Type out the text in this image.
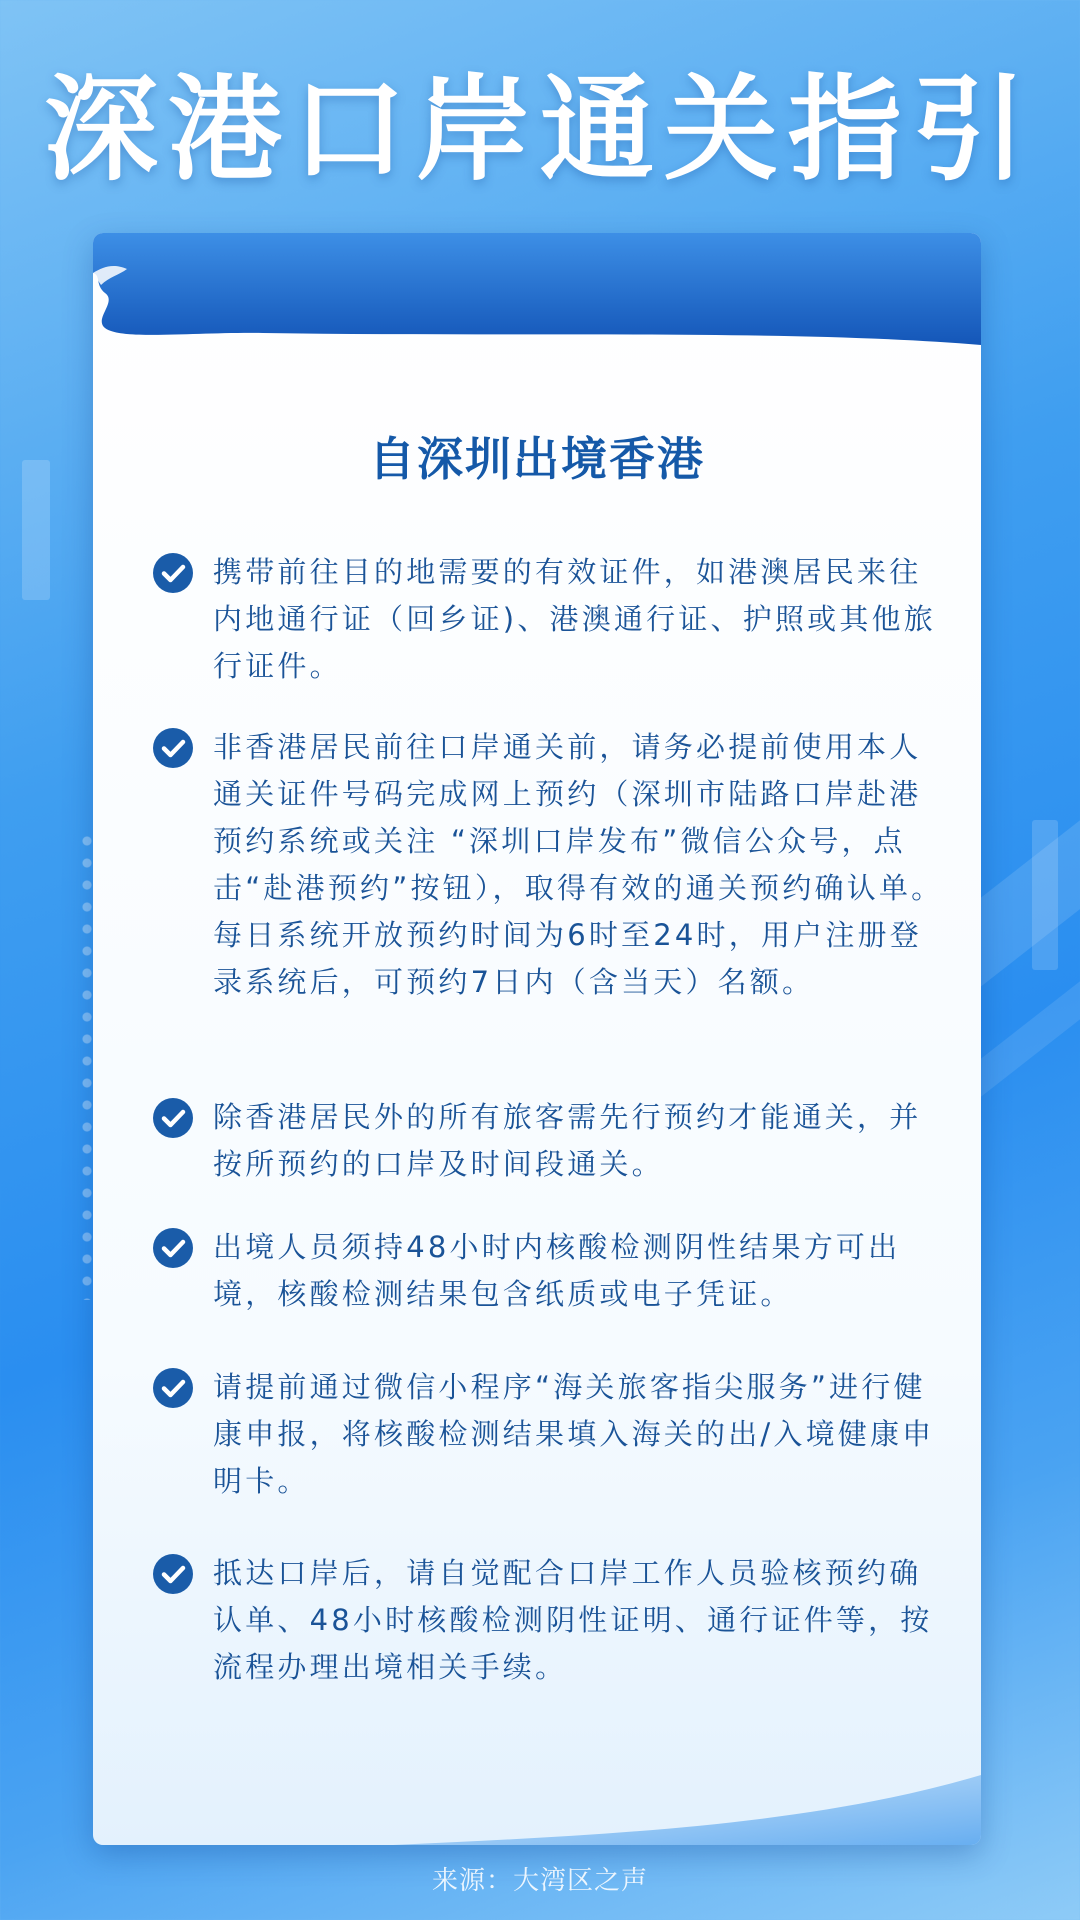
深港口岸通关指引
自深圳出境香港
携带前往目的地需要的有效证件，如港澳居民来往内地通行证（回乡证)、港澳通行证、护照或其他旅行证件。
非香港居民前往口岸通关前，请务必提前使用本人通关证件号码完成网上预约（深圳市陆路口岸赴港预约系统或关注 “深圳口岸发布”微信公众号，点击“赴港预约”按钮），取得有效的通关预约确认单。每日系统开放预约时间为6时至24时，用户注册登录系统后，可预约7日内（含当天）名额。
除香港居民外的所有旅客需先行预约才能通关，并按所预约的口岸及时间段通关。
出境人员须持48小时内核酸检测阴性结果方可出境，核酸检测结果包含纸质或电子凭证。
请提前通过微信小程序“海关旅客指尖服务”进行健康申报，将核酸检测结果填入海关的出/入境健康申明卡。
抵达口岸后，请自觉配合口岸工作人员验核预约确认单、48小时核酸检测阴性证明、通行证件等，按流程办理出境相关手续。
来源：大湾区之声
